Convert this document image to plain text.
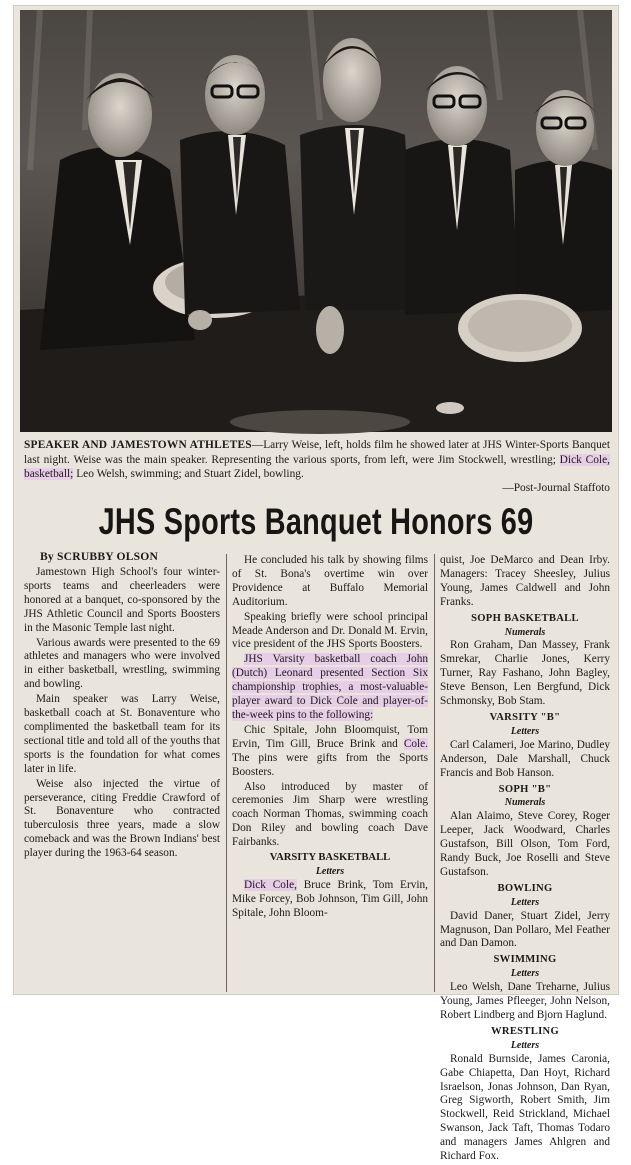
SPEAKER AND JAMESTOWN ATHLETES—Larry Weise, left, holds film he showed later at JHS Winter-Sports Banquet last night. Weise was the main speaker. Representing the various sports, from left, were Jim Stockwell, wrestling; Dick Cole, basketball; Leo Welsh, swimming; and Stuart Zidel, bowling.
—Post-Journal Staffoto
JHS Sports Banquet Honors 69
By SCRUBBY OLSON

Jamestown High School's four winter-sports teams and cheerleaders were honored at a banquet, co-sponsored by the JHS Athletic Council and Sports Boosters in the Masonic Temple last night.

Various awards were presented to the 69 athletes and managers who were involved in either basketball, wrestling, swimming and bowling.

Main speaker was Larry Weise, basketball coach at St. Bonaventure who complimented the basketball team for its sectional title and told all of the youths that sports is the foundation for what comes later in life.

Weise also injected the virtue of perseverance, citing Freddie Crawford of St. Bonaventure who contracted tuberculosis three years, made a slow comeback and was the Brown Indians' best player during the 1963-64 season.

He concluded his talk by showing films of St. Bona's overtime win over Providence at Buffalo Memorial Auditorium.

Speaking briefly were school principal Meade Anderson and Dr. Donald M. Ervin, vice president of the JHS Sports Boosters.

JHS Varsity basketball coach John (Dutch) Leonard presented Section Six championship trophies, a most-valuable-player award to Dick Cole and player-of-the-week pins to the following:

Chic Spitale, John Bloomquist, Tom Ervin, Tim Gill, Bruce Brink and Cole. The pins were gifts from the Sports Boosters.

Also introduced by master of ceremonies Jim Sharp were wrestling coach Norman Thomas, swimming coach Don Riley and bowling coach Dave Fairbanks.

VARSITY BASKETBALL
Letters

Dick Cole, Bruce Brink, Tom Ervin, Mike Forcey, Bob Johnson, Tim Gill, John Spitale, John Bloom-

quist, Joe DeMarco and Dean Irby. Managers: Tracey Sheesley, Julius Young, James Caldwell and John Franks.

SOPH BASKETBALL
Numerals

Ron Graham, Dan Massey, Frank Smrekar, Charlie Jones, Kerry Turner, Ray Fashano, John Bagley, Steve Benson, Len Bergfund, Dick Schmonsky, Bob Stam.

VARSITY "B"
Letters

Carl Calameri, Joe Marino, Dudley Anderson, Dale Marshall, Chuck Francis and Bob Hanson.

SOPH "B"
Numerals

Alan Alaimo, Steve Corey, Roger Leeper, Jack Woodward, Charles Gustafson, Bill Olson, Tom Ford, Randy Buck, Joe Roselli and Steve Gustafson.

BOWLING
Letters

David Daner, Stuart Zidel, Jerry Magnuson, Dan Pollaro, Mel Feather and Dan Damon.

SWIMMING
Letters

Leo Welsh, Dane Treharne, Julius Young, James Pfleeger, John Nelson, Robert Lindberg and Bjorn Haglund.

WRESTLING
Letters

Ronald Burnside, James Caronia, Gabe Chiapetta, Dan Hoyt, Richard Israelson, Jonas Johnson, Dan Ryan, Greg Sigworth, Robert Smith, Jim Stockwell, Reid Strickland, Michael Swanson, Jack Taft, Thomas Todaro and managers James Ahlgren and Richard Fox.
